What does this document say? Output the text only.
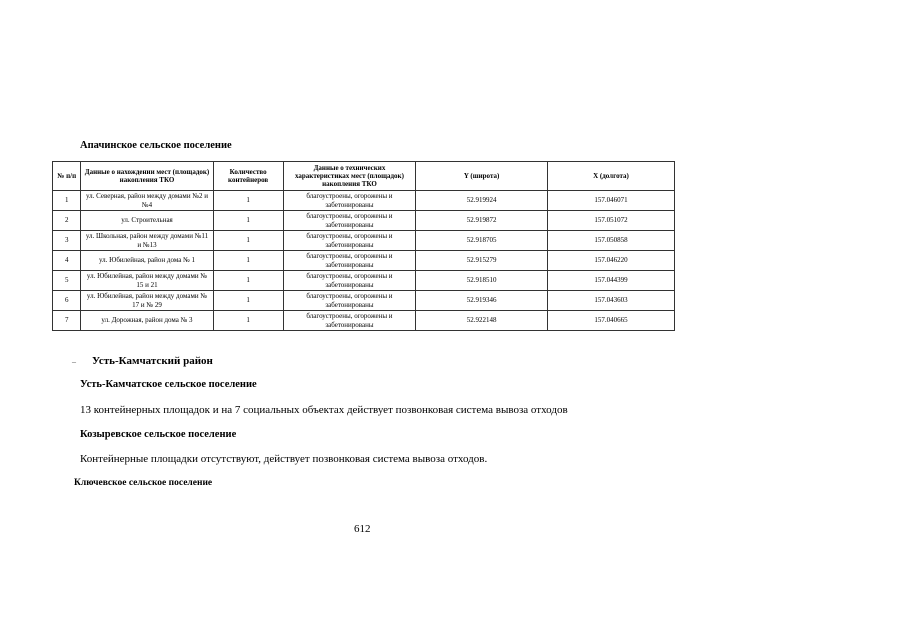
Апачинское сельское поселение
№ п/п	Данные о нахождении мест (площадок) накопления ТКО	Количество контейнеров	Данные о технических характеристиках мест (площадок) накопления ТКО	Y (широта)	X (долгота)
1	ул. Северная, район между домами №2 и №4	1	благоустроены, огорожены и забетонированы	52.919924	157.046071
2	ул. Строительная	1	благоустроены, огорожены и забетонированы	52.919872	157.051072
3	ул. Школьная, район между домами №11 и №13	1	благоустроены, огорожены и забетонированы	52.918705	157.050858
4	ул. Юбилейная, район дома № 1	1	благоустроены, огорожены и забетонированы	52.915279	157.046220
5	ул. Юбилейная, район между домами № 15 и 21	1	благоустроены, огорожены и забетонированы	52.918510	157.044399
6	ул. Юбилейная, район между домами № 17 и № 29	1	благоустроены, огорожены и забетонированы	52.919346	157.043603
7	ул. Дорожная, район дома № 3	1	благоустроены, огорожены и забетонированы	52.922148	157.040665
– Усть-Камчатский район
Усть-Камчатское сельское поселение
13 контейнерных площадок и на 7 социальных объектах действует позвонковая система вывоза отходов
Козыревское сельское поселение
Контейнерные площадки отсутствуют, действует позвонковая система вывоза отходов.
Ключевское сельское поселение
612
